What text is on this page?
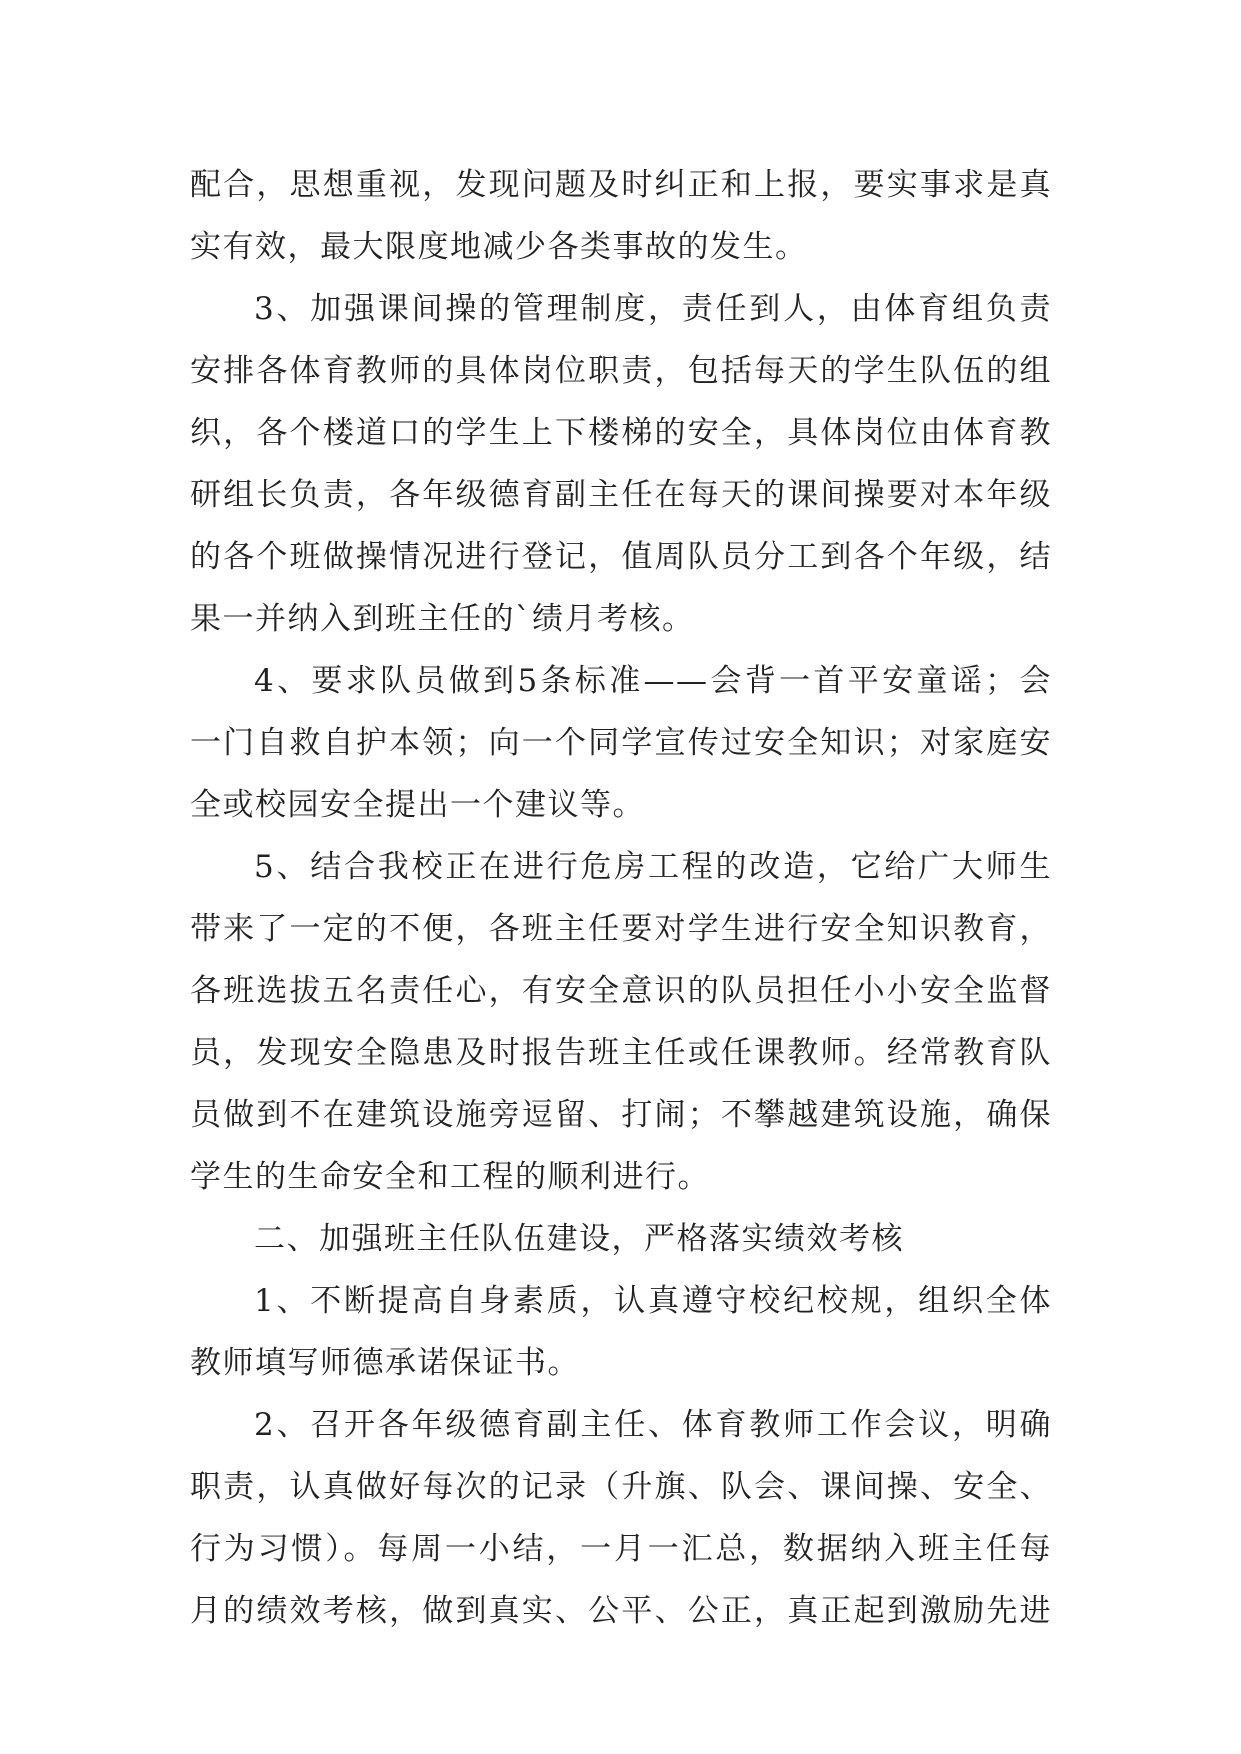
配合，思想重视，发现问题及时纠正和上报，要实事求是真
实有效，最大限度地减少各类事故的发生。
3、加强课间操的管理制度，责任到人，由体育组负责
安排各体育教师的具体岗位职责，包括每天的学生队伍的组
织，各个楼道口的学生上下楼梯的安全，具体岗位由体育教
研组长负责，各年级德育副主任在每天的课间操要对本年级
的各个班做操情况进行登记，值周队员分工到各个年级，结
果一并纳入到班主任的`绩月考核。
4、要求队员做到5条标准——会背一首平安童谣；会
一门自救自护本领；向一个同学宣传过安全知识；对家庭安
全或校园安全提出一个建议等。
5、结合我校正在进行危房工程的改造，它给广大师生
带来了一定的不便，各班主任要对学生进行安全知识教育，
各班选拔五名责任心，有安全意识的队员担任小小安全监督
员，发现安全隐患及时报告班主任或任课教师。经常教育队
员做到不在建筑设施旁逗留、打闹；不攀越建筑设施，确保
学生的生命安全和工程的顺利进行。
二、加强班主任队伍建设，严格落实绩效考核
1、不断提高自身素质，认真遵守校纪校规，组织全体
教师填写师德承诺保证书。
2、召开各年级德育副主任、体育教师工作会议，明确
职责，认真做好每次的记录（升旗、队会、课间操、安全、
行为习惯）。每周一小结，一月一汇总，数据纳入班主任每
月的绩效考核，做到真实、公平、公正，真正起到激励先进
